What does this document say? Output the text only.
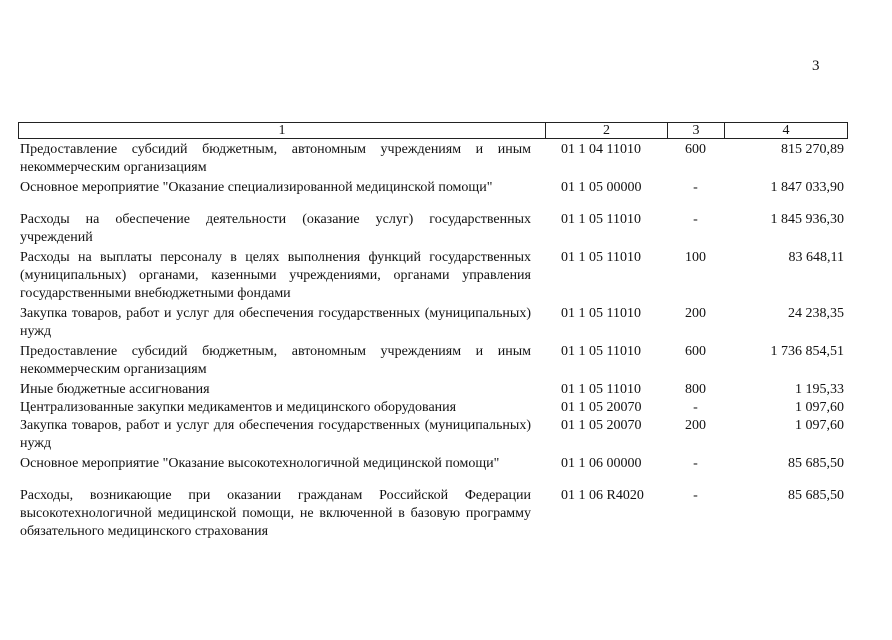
3
1	2	3	4
Предоставление субсидий бюджетным, автономным учреждениям и иным некоммерческим организациям	01 1 04 11010	600	815 270,89
Основное мероприятие "Оказание специализированной медицинской помощи"	01 1 05 00000	-	1 847 033,90
Расходы на обеспечение деятельности (оказание услуг) государственных учреждений	01 1 05 11010	-	1 845 936,30
Расходы на выплаты персоналу в целях выполнения функций государственных (муниципальных) органами, казенными учреждениями, органами управления государственными внебюджетными фондами	01 1 05 11010	100	83 648,11
Закупка товаров, работ и услуг для обеспечения государственных (муниципальных) нужд	01 1 05 11010	200	24 238,35
Предоставление субсидий бюджетным, автономным учреждениям и иным некоммерческим организациям	01 1 05 11010	600	1 736 854,51
Иные бюджетные ассигнования	01 1 05 11010	800	1 195,33
Централизованные закупки медикаментов и медицинского оборудования	01 1 05 20070	-	1 097,60
Закупка товаров, работ и услуг для обеспечения государственных (муниципальных) нужд	01 1 05 20070	200	1 097,60
Основное мероприятие "Оказание высокотехнологичной медицинской помощи"	01 1 06 00000	-	85 685,50
Расходы, возникающие при оказании гражданам Российской Федерации высокотехнологичной медицинской помощи, не включенной в базовую программу обязательного медицинского страхования	01 1 06 R4020	-	85 685,50
